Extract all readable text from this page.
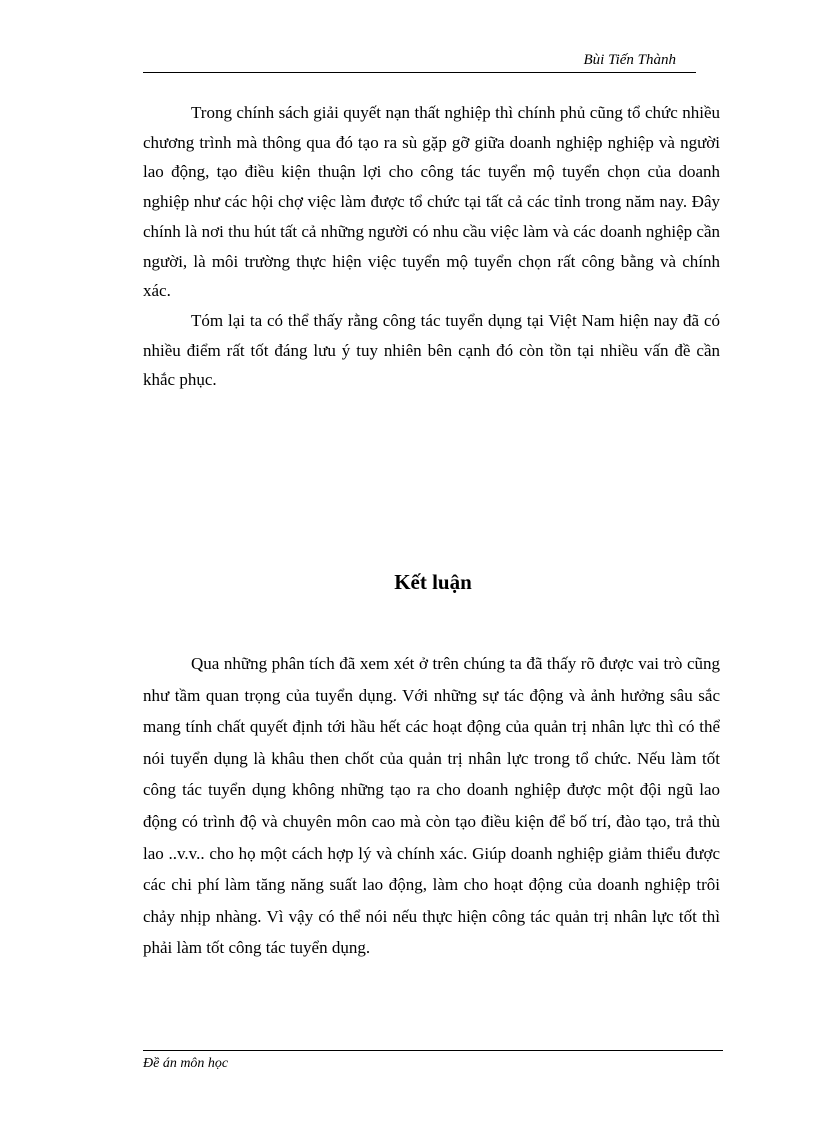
Bùi Tiến Thành

Trong chính sách giải quyết nạn thất nghiệp thì chính phủ cũng tổ chức nhiều chương trình mà thông qua đó tạo ra sù gặp gỡ giữa doanh nghiệp nghiệp và người lao động, tạo điều kiện thuận lợi cho công tác tuyển mộ tuyển chọn của doanh nghiệp như các hội chợ việc làm được tổ chức tại tất cả các tỉnh trong năm nay. Đây chính là nơi thu hút tất cả những người có nhu cầu việc làm và các doanh nghiệp cần người, là môi trường thực hiện việc tuyển mộ tuyển chọn rất công bằng và chính xác.

Tóm lại ta có thể thấy rằng công tác tuyển dụng tại Việt Nam hiện nay đã có nhiều điểm rất tốt đáng lưu ý tuy nhiên bên cạnh đó còn tồn tại nhiều vấn đề cần khắc phục.

Kết luận

Qua những phân tích đã xem xét ở trên chúng ta đã thấy rõ được vai trò cũng như tầm quan trọng của tuyển dụng. Với những sự tác động và ảnh hưởng sâu sắc mang tính chất quyết định tới hầu hết các hoạt động của quản trị nhân lực thì có thể nói tuyển dụng là khâu then chốt của quản trị nhân lực trong tổ chức. Nếu làm tốt công tác tuyển dụng không những tạo ra cho doanh nghiệp được một đội ngũ lao động có trình độ và chuyên môn cao mà còn tạo điều kiện để bố trí, đào tạo, trả thù lao ..v.v.. cho họ một cách hợp lý và chính xác. Giúp doanh nghiệp giảm thiểu được các chi phí làm tăng năng suất lao động, làm cho hoạt động của doanh nghiệp trôi chảy nhịp nhàng. Vì vậy có thể nói nếu thực hiện công tác quản trị nhân lực tốt thì phải làm tốt công tác tuyển dụng.

Đề án môn học
